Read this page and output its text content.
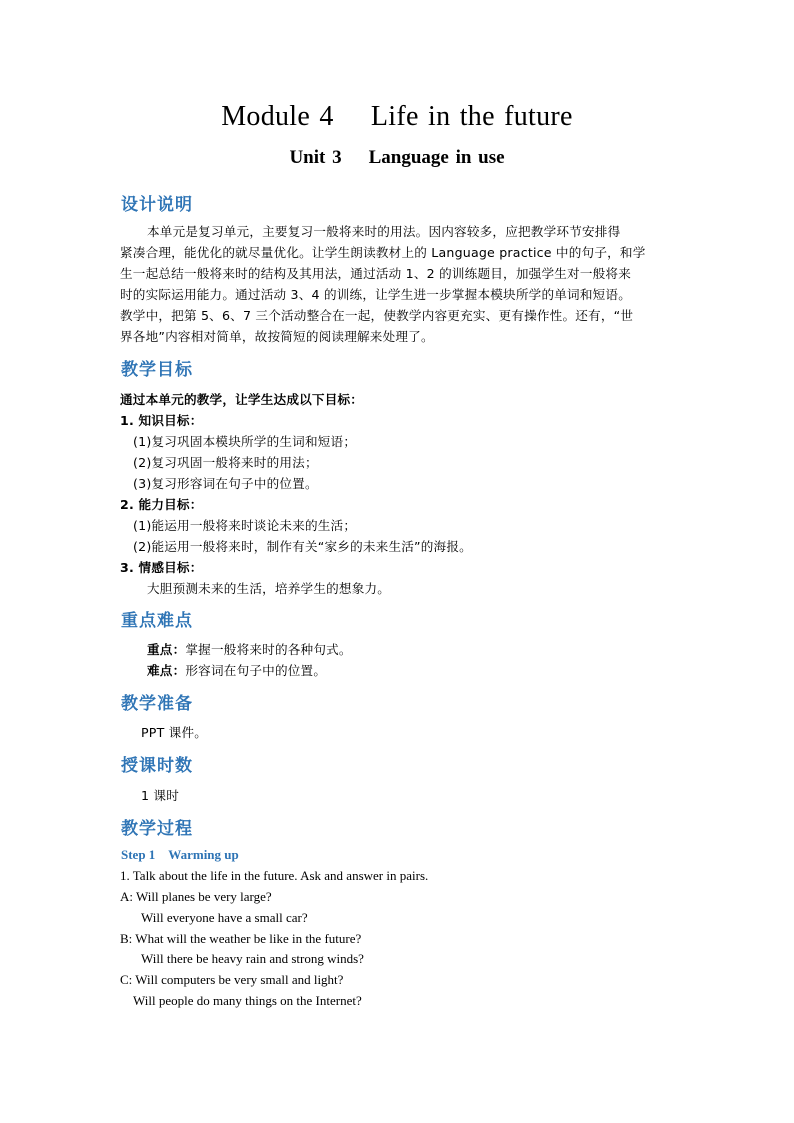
Module 4    Life in the future
Unit 3    Language in use
设计说明
本单元是复习单元，主要复习一般将来时的用法。因内容较多，应把教学环节安排得
紧凑合理，能优化的就尽量优化。让学生朗读教材上的 Language practice 中的句子，和学
生一起总结一般将来时的结构及其用法，通过活动 1、2 的训练题目，加强学生对一般将来
时的实际运用能力。通过活动 3、4 的训练，让学生进一步掌握本模块所学的单词和短语。
教学中，把第 5、6、7 三个活动整合在一起，使教学内容更充实、更有操作性。还有，“世
界各地”内容相对简单，故按简短的阅读理解来处理了。
教学目标
通过本单元的教学，让学生达成以下目标：
1. 知识目标：
(1)复习巩固本模块所学的生词和短语；
(2)复习巩固一般将来时的用法；
(3)复习形容词在句子中的位置。
2. 能力目标：
(1)能运用一般将来时谈论未来的生活；
(2)能运用一般将来时，制作有关“家乡的未来生活”的海报。
3. 情感目标：
大胆预测未来的生活，培养学生的想象力。
重点难点
重点：掌握一般将来时的各种句式。
难点：形容词在句子中的位置。
教学准备
PPT 课件。
授课时数
1 课时
教学过程
Step 1    Warming up
1. Talk about the life in the future. Ask and answer in pairs.
A: Will planes be very large?
Will everyone have a small car?
B: What will the weather be like in the future?
Will there be heavy rain and strong winds?
C: Will computers be very small and light?
Will people do many things on the Internet?
